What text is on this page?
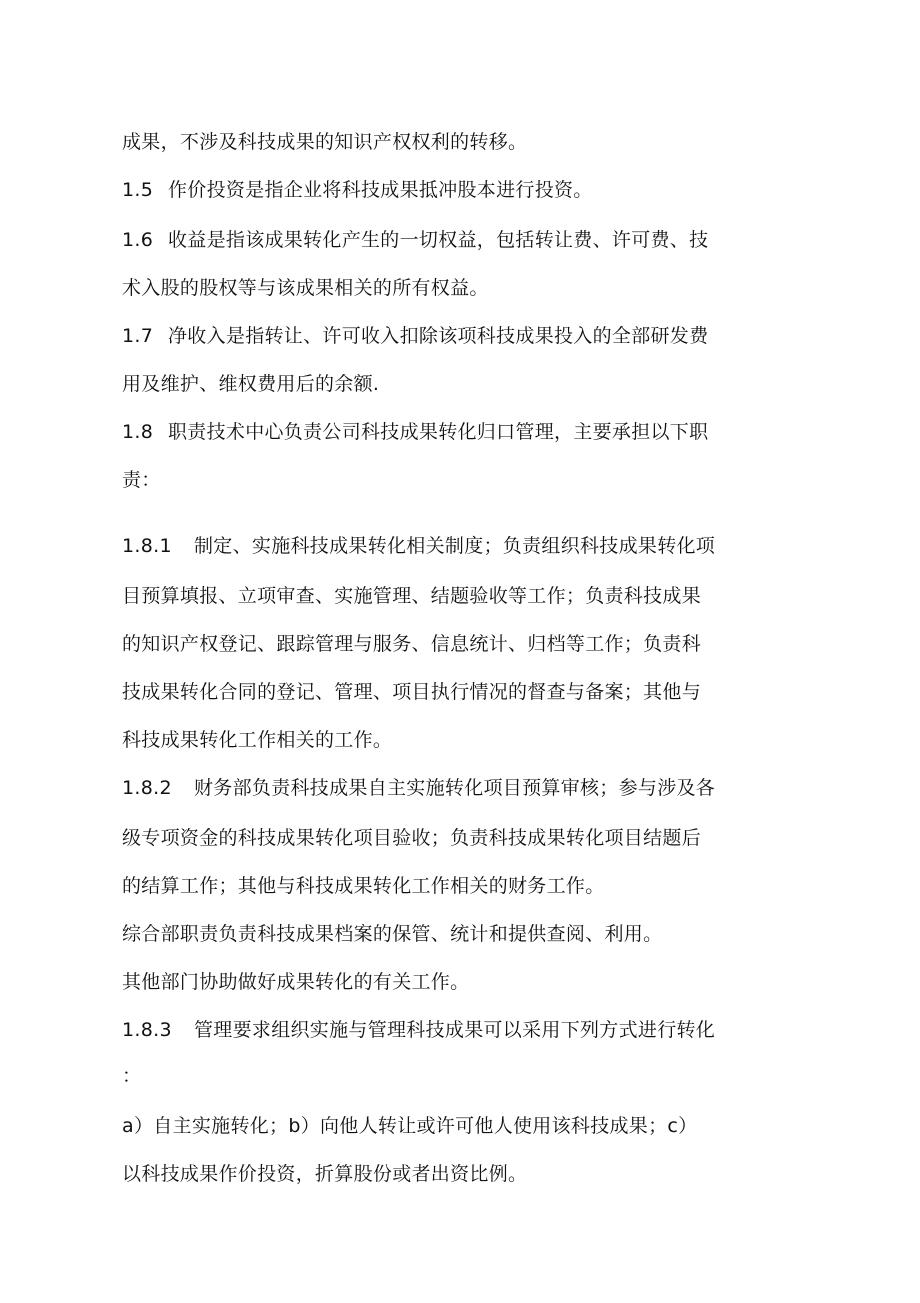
成果，不涉及科技成果的知识产权权利的转移。
1.5 作价投资是指企业将科技成果抵冲股本进行投资。
1.6 收益是指该成果转化产生的一切权益，包括转让费、许可费、技
术入股的股权等与该成果相关的所有权益。
1.7 净收入是指转让、许可收入扣除该项科技成果投入的全部研发费
用及维护、维权费用后的余额.
1.8 职责技术中心负责公司科技成果转化归口管理，主要承担以下职
责：
1.8.1 制定、实施科技成果转化相关制度；负责组织科技成果转化项
目预算填报、立项审查、实施管理、结题验收等工作；负责科技成果
的知识产权登记、跟踪管理与服务、信息统计、归档等工作；负责科
技成果转化合同的登记、管理、项目执行情况的督查与备案；其他与
科技成果转化工作相关的工作。
1.8.2 财务部负责科技成果自主实施转化项目预算审核；参与涉及各
级专项资金的科技成果转化项目验收；负责科技成果转化项目结题后
的结算工作；其他与科技成果转化工作相关的财务工作。
综合部职责负责科技成果档案的保管、统计和提供查阅、利用。
其他部门协助做好成果转化的有关工作。
1.8.3 管理要求组织实施与管理科技成果可以采用下列方式进行转化
：
a）自主实施转化；b）向他人转让或许可他人使用该科技成果；c）
以科技成果作价投资，折算股份或者出资比例。
